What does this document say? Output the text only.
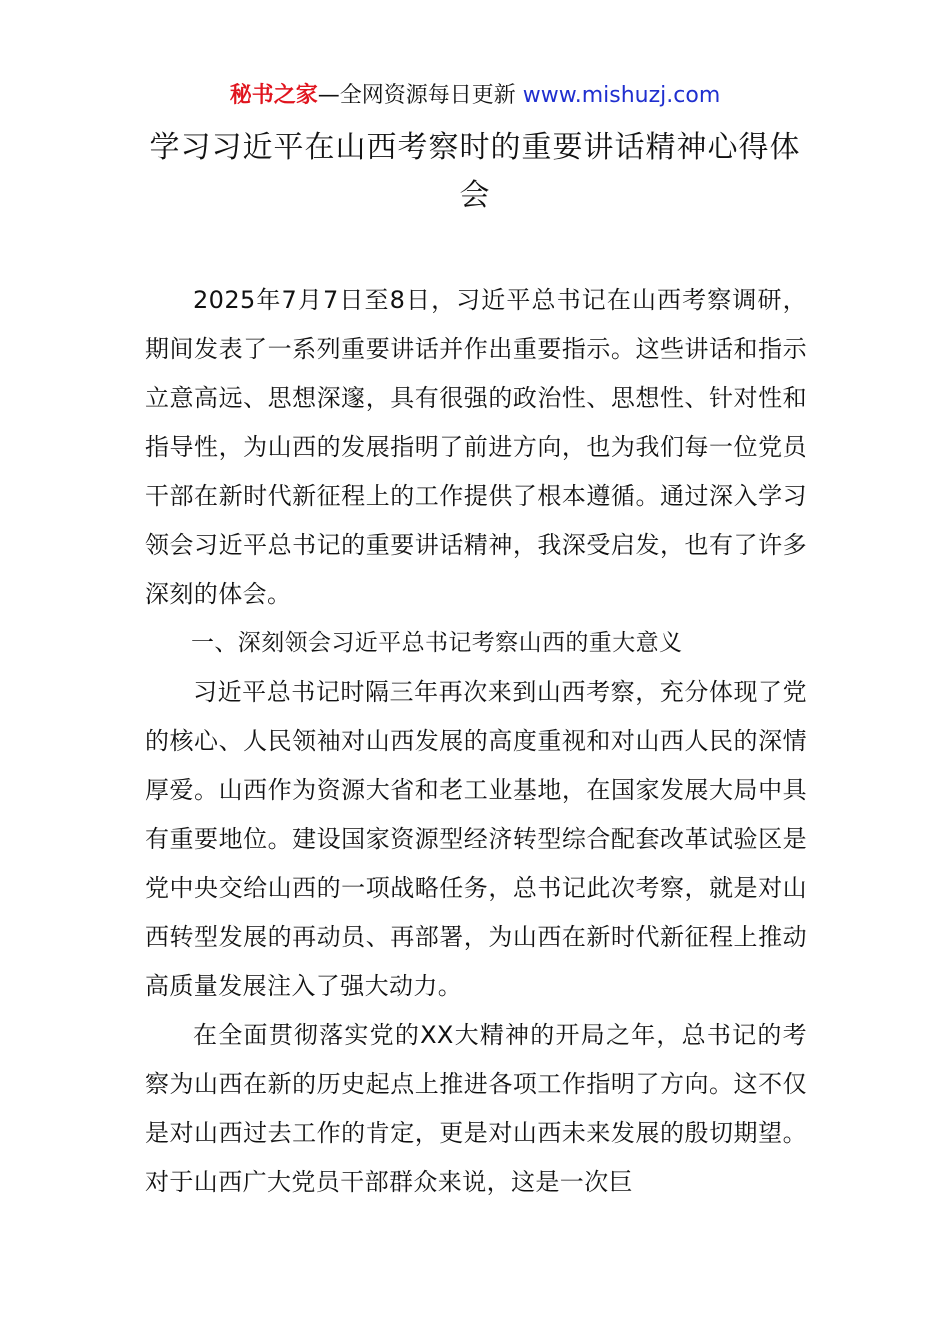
秘书之家—全网资源每日更新 www.mishuzj.com
学习习近平在山西考察时的重要讲话精神心得体会

2025年7月7日至8日，习近平总书记在山西考察调研，期间发表了一系列重要讲话并作出重要指示。这些讲话和指示立意高远、思想深邃，具有很强的政治性、思想性、针对性和指导性，为山西的发展指明了前进方向，也为我们每一位党员干部在新时代新征程上的工作提供了根本遵循。通过深入学习领会习近平总书记的重要讲话精神，我深受启发，也有了许多深刻的体会。

一、深刻领会习近平总书记考察山西的重大意义

习近平总书记时隔三年再次来到山西考察，充分体现了党的核心、人民领袖对山西发展的高度重视和对山西人民的深情厚爱。山西作为资源大省和老工业基地，在国家发展大局中具有重要地位。建设国家资源型经济转型综合配套改革试验区是党中央交给山西的一项战略任务，总书记此次考察，就是对山西转型发展的再动员、再部署，为山西在新时代新征程上推动高质量发展注入了强大动力。

在全面贯彻落实党的XX大精神的开局之年，总书记的考察为山西在新的历史起点上推进各项工作指明了方向。这不仅是对山西过去工作的肯定，更是对山西未来发展的殷切期望。对于山西广大党员干部群众来说，这是一次巨
